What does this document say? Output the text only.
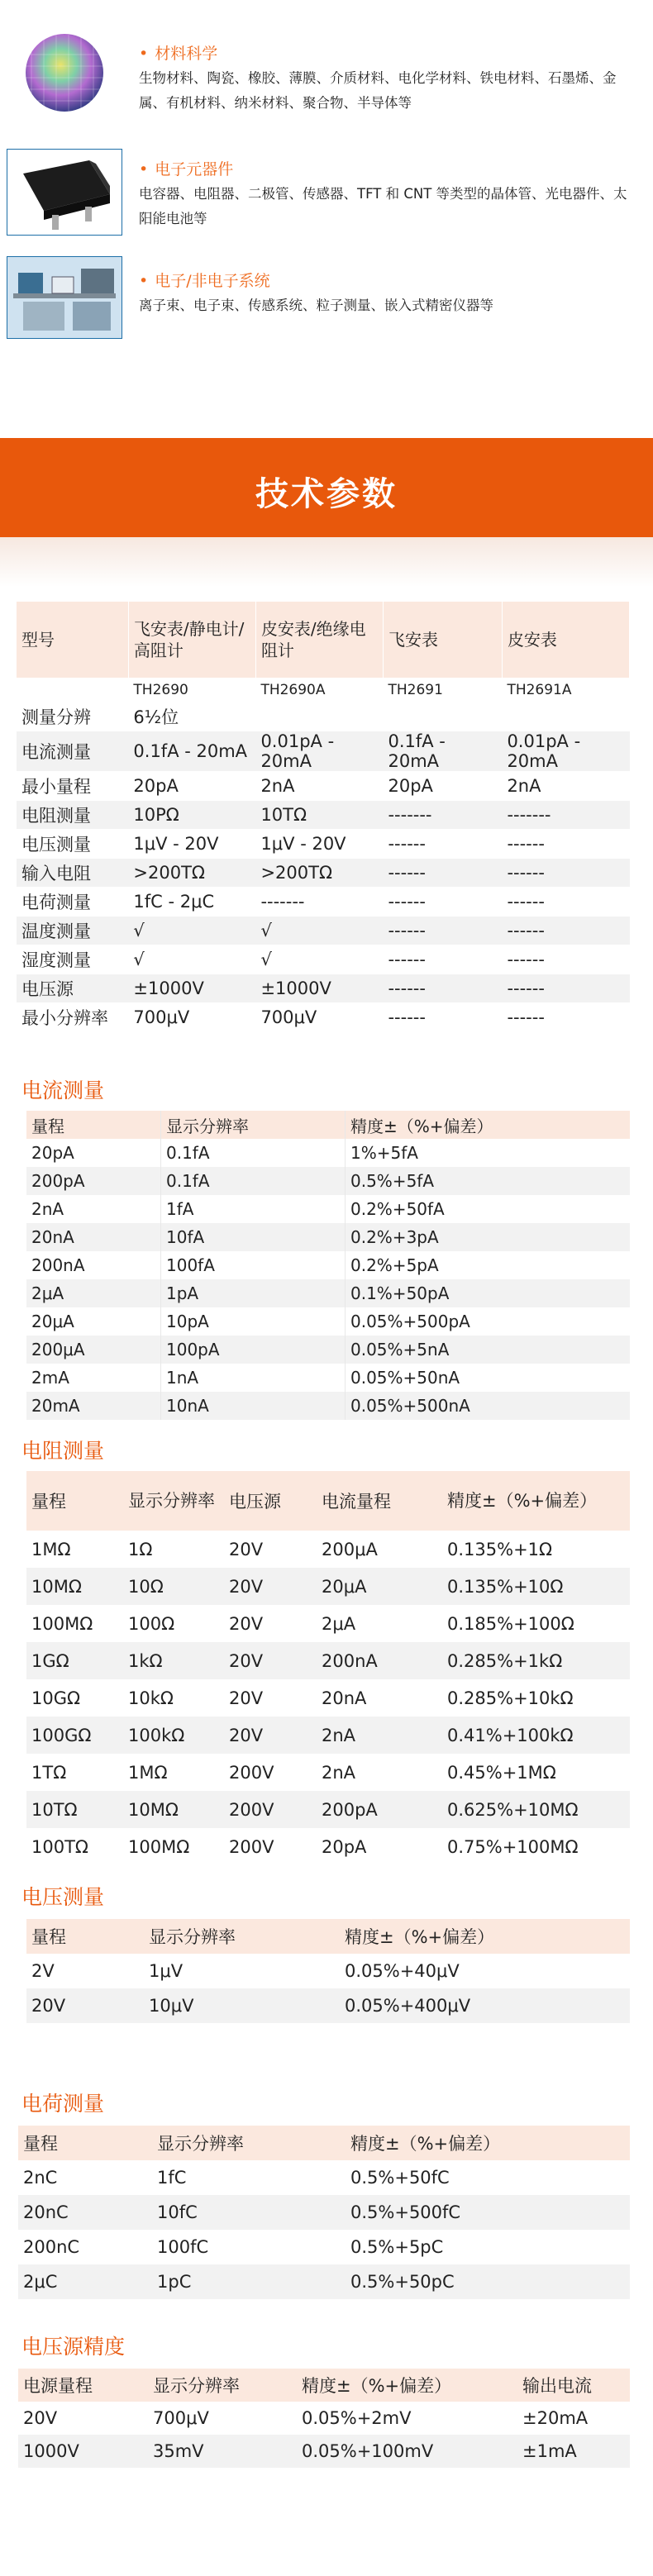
• 材料科学
生物材料、陶瓷、橡胶、薄膜、介质材料、电化学材料、铁电材料、石墨烯、金属、有机材料、纳米材料、聚合物、半导体等
• 电子元器件
电容器、电阻器、二极管、传感器、TFT 和 CNT 等类型的晶体管、光电器件、太阳能电池等
• 电子/非电子系统
离子束、电子束、传感系统、粒子测量、嵌入式精密仪器等
技术参数
型号	飞安表/静电计/高阻计	皮安表/绝缘电阻计	飞安表	皮安表
	TH2690	TH2690A	TH2691	TH2691A
测量分辨	6½位			
电流测量	0.1fA - 20mA	0.01pA - 20mA	0.1fA - 20mA	0.01pA - 20mA
最小量程	20pA	2nA	20pA	2nA
电阻测量	10PΩ	10TΩ	-------	-------
电压测量	1μV - 20V	1μV - 20V	------	------
输入电阻	>200TΩ	>200TΩ	------	------
电荷测量	1fC - 2μC	-------	------	------
温度测量	√	√	------	------
湿度测量	√	√	------	------
电压源	±1000V	±1000V	------	------
最小分辨率	700μV	700μV	------	------
电流测量
量程	显示分辨率	精度±（%+偏差）
20pA	0.1fA	1%+5fA
200pA	0.1fA	0.5%+5fA
2nA	1fA	0.2%+50fA
20nA	10fA	0.2%+3pA
200nA	100fA	0.2%+5pA
2μA	1pA	0.1%+50pA
20μA	10pA	0.05%+500pA
200μA	100pA	0.05%+5nA
2mA	1nA	0.05%+50nA
20mA	10nA	0.05%+500nA
电阻测量
量程	显示分辨率	电压源	电流量程	精度±（%+偏差）
1MΩ	1Ω	20V	200μA	0.135%+1Ω
10MΩ	10Ω	20V	20μA	0.135%+10Ω
100MΩ	100Ω	20V	2μA	0.185%+100Ω
1GΩ	1kΩ	20V	200nA	0.285%+1kΩ
10GΩ	10kΩ	20V	20nA	0.285%+10kΩ
100GΩ	100kΩ	20V	2nA	0.41%+100kΩ
1TΩ	1MΩ	200V	2nA	0.45%+1MΩ
10TΩ	10MΩ	200V	200pA	0.625%+10MΩ
100TΩ	100MΩ	200V	20pA	0.75%+100MΩ
电压测量
量程	显示分辨率	精度±（%+偏差）
2V	1μV	0.05%+40μV
20V	10μV	0.05%+400μV
电荷测量
量程	显示分辨率	精度±（%+偏差）
2nC	1fC	0.5%+50fC
20nC	10fC	0.5%+500fC
200nC	100fC	0.5%+5pC
2μC	1pC	0.5%+50pC
电压源精度
电源量程	显示分辨率	精度±（%+偏差）	输出电流
20V	700μV	0.05%+2mV	±20mA
1000V	35mV	0.05%+100mV	±1mA
